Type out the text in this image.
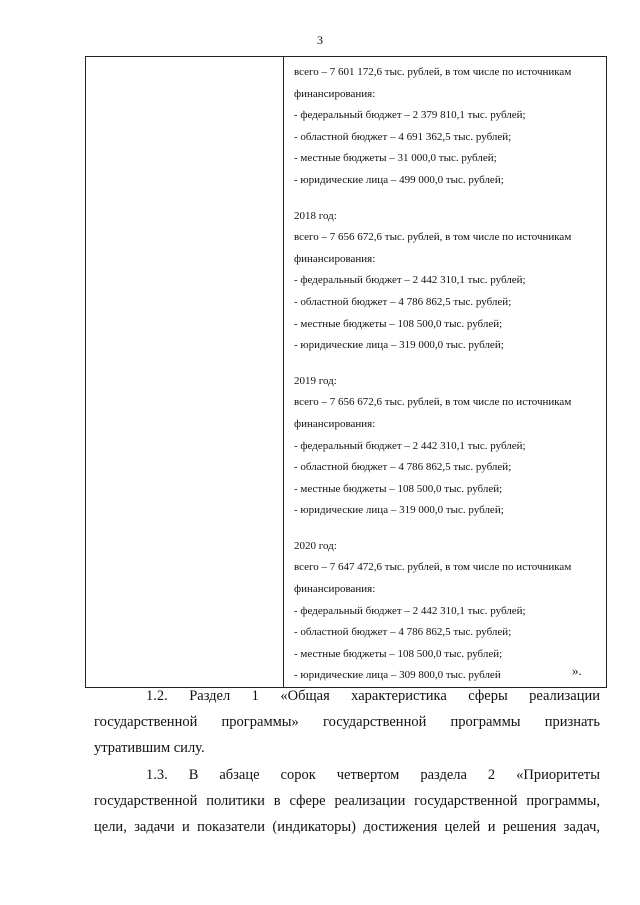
3

всего – 7 601 172,6 тыс. рублей, в том числе по источникам
финансирования:
- федеральный бюджет – 2 379 810,1 тыс. рублей;
- областной бюджет – 4 691 362,5 тыс. рублей;
- местные бюджеты – 31 000,0 тыс. рублей;
- юридические лица – 499 000,0 тыс. рублей;
2018 год:
всего – 7 656 672,6 тыс. рублей, в том числе по источникам
финансирования:
- федеральный бюджет – 2 442 310,1 тыс. рублей;
- областной бюджет – 4 786 862,5 тыс. рублей;
- местные бюджеты – 108 500,0 тыс. рублей;
- юридические лица – 319 000,0 тыс. рублей;
2019 год:
всего – 7 656 672,6 тыс. рублей, в том числе по источникам
финансирования:
- федеральный бюджет – 2 442 310,1 тыс. рублей;
- областной бюджет – 4 786 862,5 тыс. рублей;
- местные бюджеты – 108 500,0 тыс. рублей;
- юридические лица – 319 000,0 тыс. рублей;
2020 год:
всего – 7 647 472,6 тыс. рублей, в том числе по источникам
финансирования:
- федеральный бюджет – 2 442 310,1 тыс. рублей;
- областной бюджет – 4 786 862,5 тыс. рублей;
- местные бюджеты – 108 500,0 тыс. рублей;
- юридические лица – 309 800,0 тыс. рублей	».

1.2. Раздел 1 «Общая характеристика сферы реализации

государственной программы» государственной программы признать

утратившим силу.

1.3. В абзаце сорок четвертом раздела 2 «Приоритеты

государственной политики в сфере реализации государственной программы,

цели, задачи и показатели (индикаторы) достижения целей и решения задач,
